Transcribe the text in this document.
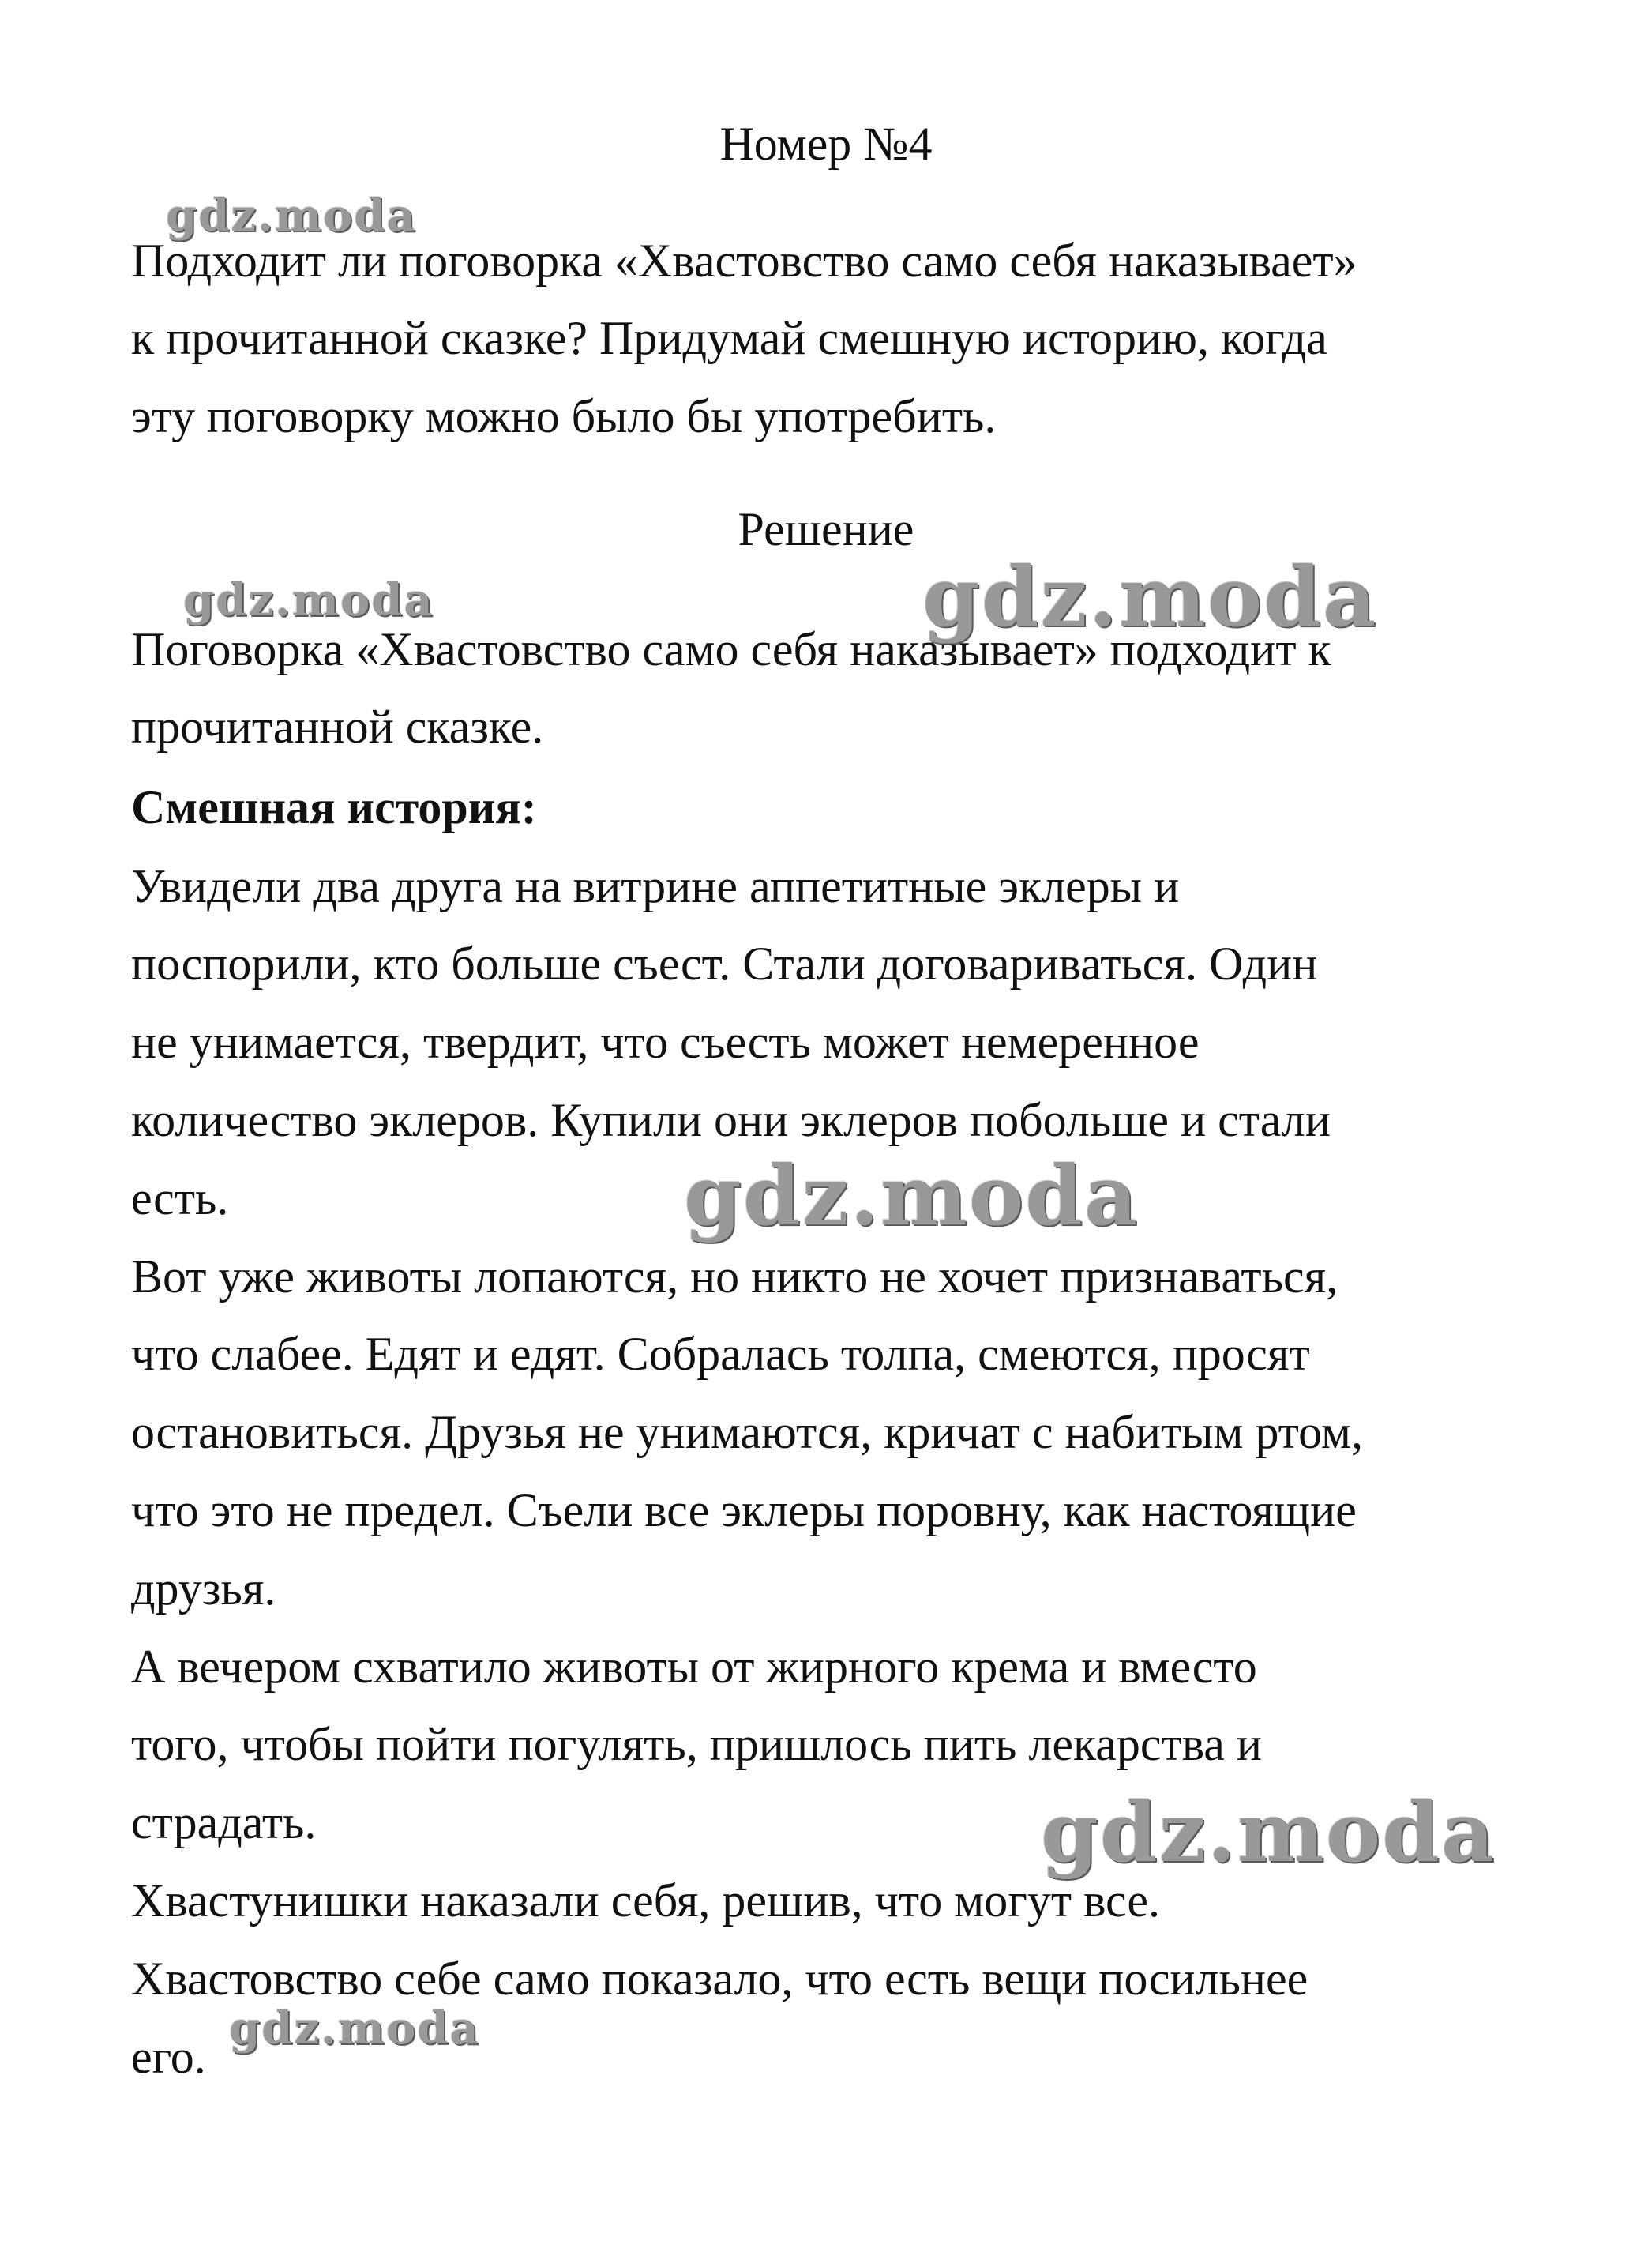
Номер №4
Подходит ли поговорка «Хвастовство само себя наказывает»
к прочитанной сказке? Придумай смешную историю, когда
эту поговорку можно было бы употребить.
Решение
Поговорка «Хвастовство само себя наказывает» подходит к
прочитанной сказке.
Смешная история:
Увидели два друга на витрине аппетитные эклеры и
поспорили, кто больше съест. Стали договариваться. Один
не унимается, твердит, что съесть может немеренное
количество эклеров. Купили они эклеров побольше и стали
есть.
Вот уже животы лопаются, но никто не хочет признаваться,
что слабее. Едят и едят. Собралась толпа, смеются, просят
остановиться. Друзья не унимаются, кричат с набитым ртом,
что это не предел. Съели все эклеры поровну, как настоящие
друзья.
А вечером схватило животы от жирного крема и вместо
того, чтобы пойти погулять, пришлось пить лекарства и
страдать.
Хвастунишки наказали себя, решив, что могут все.
Хвастовство себе само показало, что есть вещи посильнее
его.
gdz.moda
gdz.moda	gdz.moda
gdz.moda
gdz.moda
gdz.moda
